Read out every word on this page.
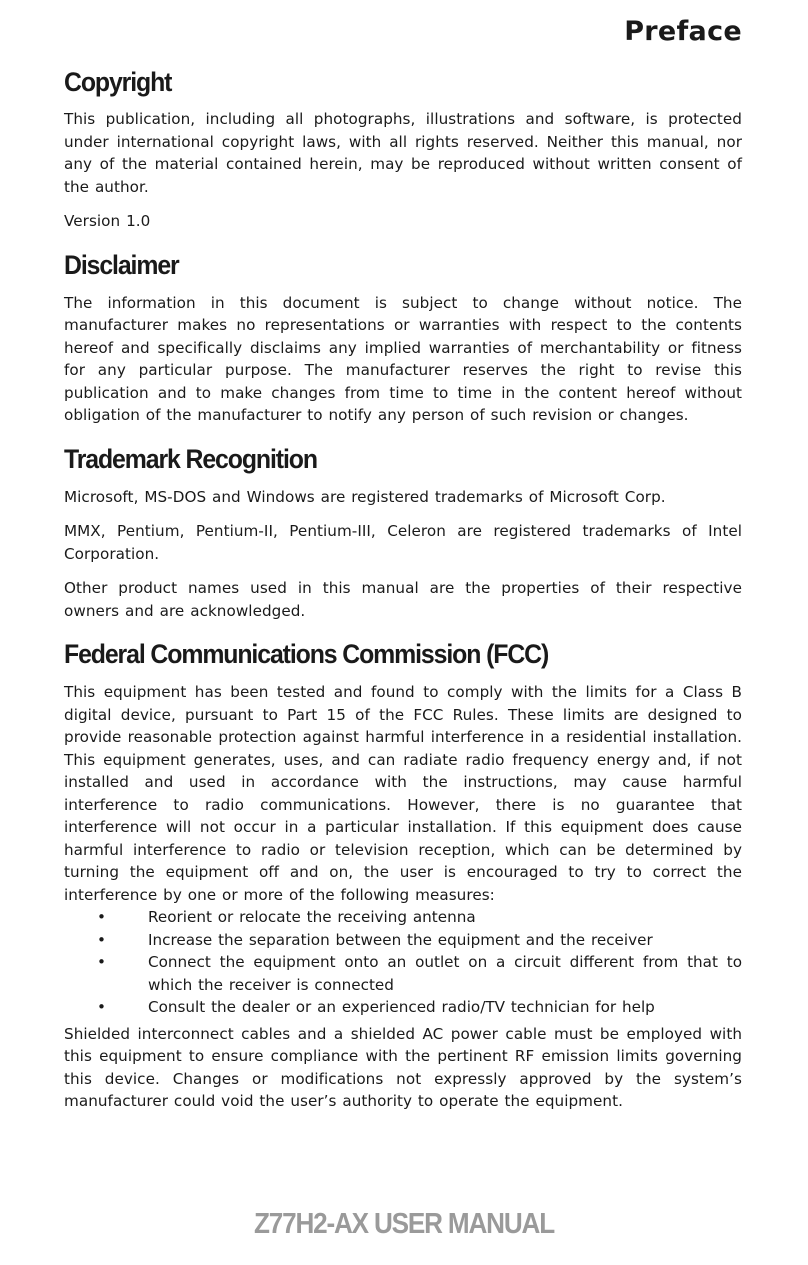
Preface
Copyright

This publication, including all photographs, illustrations and software, is protected under international copyright laws, with all rights reserved. Neither this manual, nor any of the material contained herein, may be reproduced without written consent of the author.

Version 1.0

Disclaimer

The information in this document is subject to change without notice. The manufacturer makes no representations or warranties with respect to the contents hereof and specifically disclaims any implied warranties of merchantability or fitness for any particular purpose. The manufacturer reserves the right to revise this publication and to make changes from time to time in the content hereof without obligation of the manufacturer to notify any person of such revision or changes.

Trademark Recognition

Microsoft, MS-DOS and Windows are registered trademarks of Microsoft Corp.

MMX, Pentium, Pentium-II, Pentium-III, Celeron are registered trademarks of Intel Corporation.

Other product names used in this manual are the properties of their respective owners and are acknowledged.

Federal Communications Commission (FCC)

This equipment has been tested and found to comply with the limits for a Class B digital device, pursuant to Part 15 of the FCC Rules. These limits are designed to provide reasonable protection against harmful interference in a residential installation. This equipment generates, uses, and can radiate radio frequency energy and, if not installed and used in accordance with the instructions, may cause harmful interference to radio communications. However, there is no guarantee that interference will not occur in a particular installation. If this equipment does cause harmful interference to radio or television reception, which can be determined by turning the equipment off and on, the user is encouraged to try to correct the interference by one or more of the following measures:

•	Reorient or relocate the receiving antenna
•	Increase the separation between the equipment and the receiver
•	Connect the equipment onto an outlet on a circuit different from that to which the receiver is connected
•	Consult the dealer or an experienced radio/TV technician for help

Shielded interconnect cables and a shielded AC power cable must be employed with this equipment to ensure compliance with the pertinent RF emission limits governing this device. Changes or modifications not expressly approved by the system’s manufacturer could void the user’s authority to operate the equipment.

Z77H2-AX USER MANUAL
